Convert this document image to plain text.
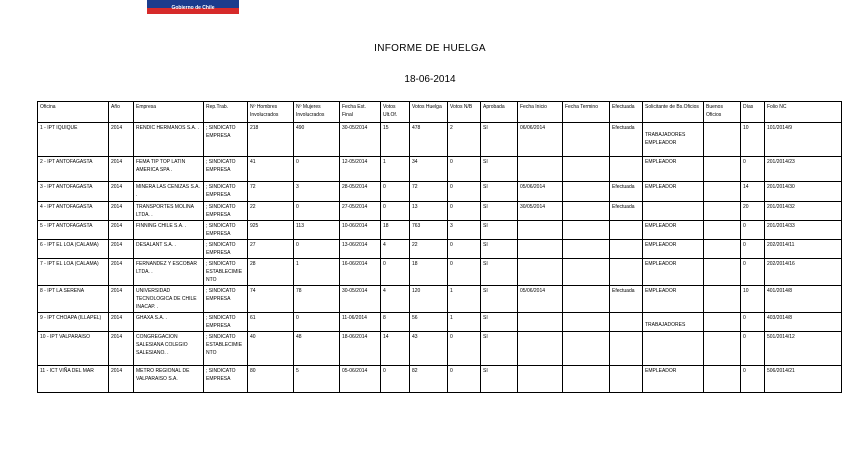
Gobierno de Chile
INFORME DE HUELGA
18-06-2014
Oficina	Año	Empresa	Rep.Trab.	Nº Hombres Involucrados	Nº Mujeres Involucrados	Fecha Est. Final	Votos Ult.Of.	Votos Huelga	Votos N/B	Aprobada	Fecha Inicio	Fecha Termino	Efectuada	Solicitante de Bs.Oficios	Buenos Oficios	Días	Folio NC
1 - IPT IQUIQUE	2014	RENDIC HERMANOS S.A. .	; SINDICATO EMPRESA	218	490	30-05/2014	15	478	2	SI	06/06/2014		Efectuada	TRABAJADORES EMPLEADOR		10	101/2014/9
2 - IPT ANTOFAGASTA	2014	FEMA TIP TOP LATIN AMERICA SPA .	; SINDICATO EMPRESA	41	0	12-05/2014	1	34	0	SI				EMPLEADOR		0	201/2014/23
3 - IPT ANTOFAGASTA	2014	MINERA LAS CENIZAS S.A. .	; SINDICATO EMPRESA	72	3	28-05/2014	0	72	0	SI	05/06/2014		Efectuada	EMPLEADOR		14	201/2014/30
4 - IPT ANTOFAGASTA	2014	TRANSPORTES MOLINA LTDA. .	; SINDICATO EMPRESA	22	0	27-05/2014	0	13	0	SI	30/05/2014		Efectuada			20	201/2014/32
5 - IPT ANTOFAGASTA	2014	FINNING CHILE S.A. .	; SINDICATO EMPRESA	925	113	10-06/2014	18	763	3	SI				EMPLEADOR		0	201/2014/33
6 - IPT EL LOA (CALAMA)	2014	DESALANT S.A. .	; SINDICATO EMPRESA	27	0	13-06/2014	4	22	0	SI				EMPLEADOR		0	202/2014/11
7 - IPT EL LOA (CALAMA)	2014	FERNANDEZ Y ESCOBAR LTDA. .	; SINDICATO ESTABLECIMIENTO	28	1	16-06/2014	0	18	0	SI				EMPLEADOR		0	202/2014/16
8 - IPT LA SERENA	2014	UNIVERSIDAD TECNOLOGICA DE CHILE INACAP. .	; SINDICATO EMPRESA	74	78	30-05/2014	4	120	1	SI	05/06/2014		Efectuada	EMPLEADOR		10	401/2014/8
9 - IPT CHOAPA (ILLAPEL)	2014	GHAXA S.A. .	; SINDICATO EMPRESA	61	0	11-06/2014	8	56	1	SI				TRABAJADORES		0	403/2014/8
10 - IPT VALPARAISO	2014	CONGREGACION SALESIANA COLEGIO SALESIANO. .	; SINDICATO ESTABLECIMIENTO	40	48	18-06/2014	14	43	0	SI						0	501/2014/12
11 - ICT VIÑA DEL MAR	2014	METRO REGIONAL DE VALPARAISO S.A.	; SINDICATO EMPRESA	80	5	05-06/2014	0	82	0	SI				EMPLEADOR		0	506/2014/21
